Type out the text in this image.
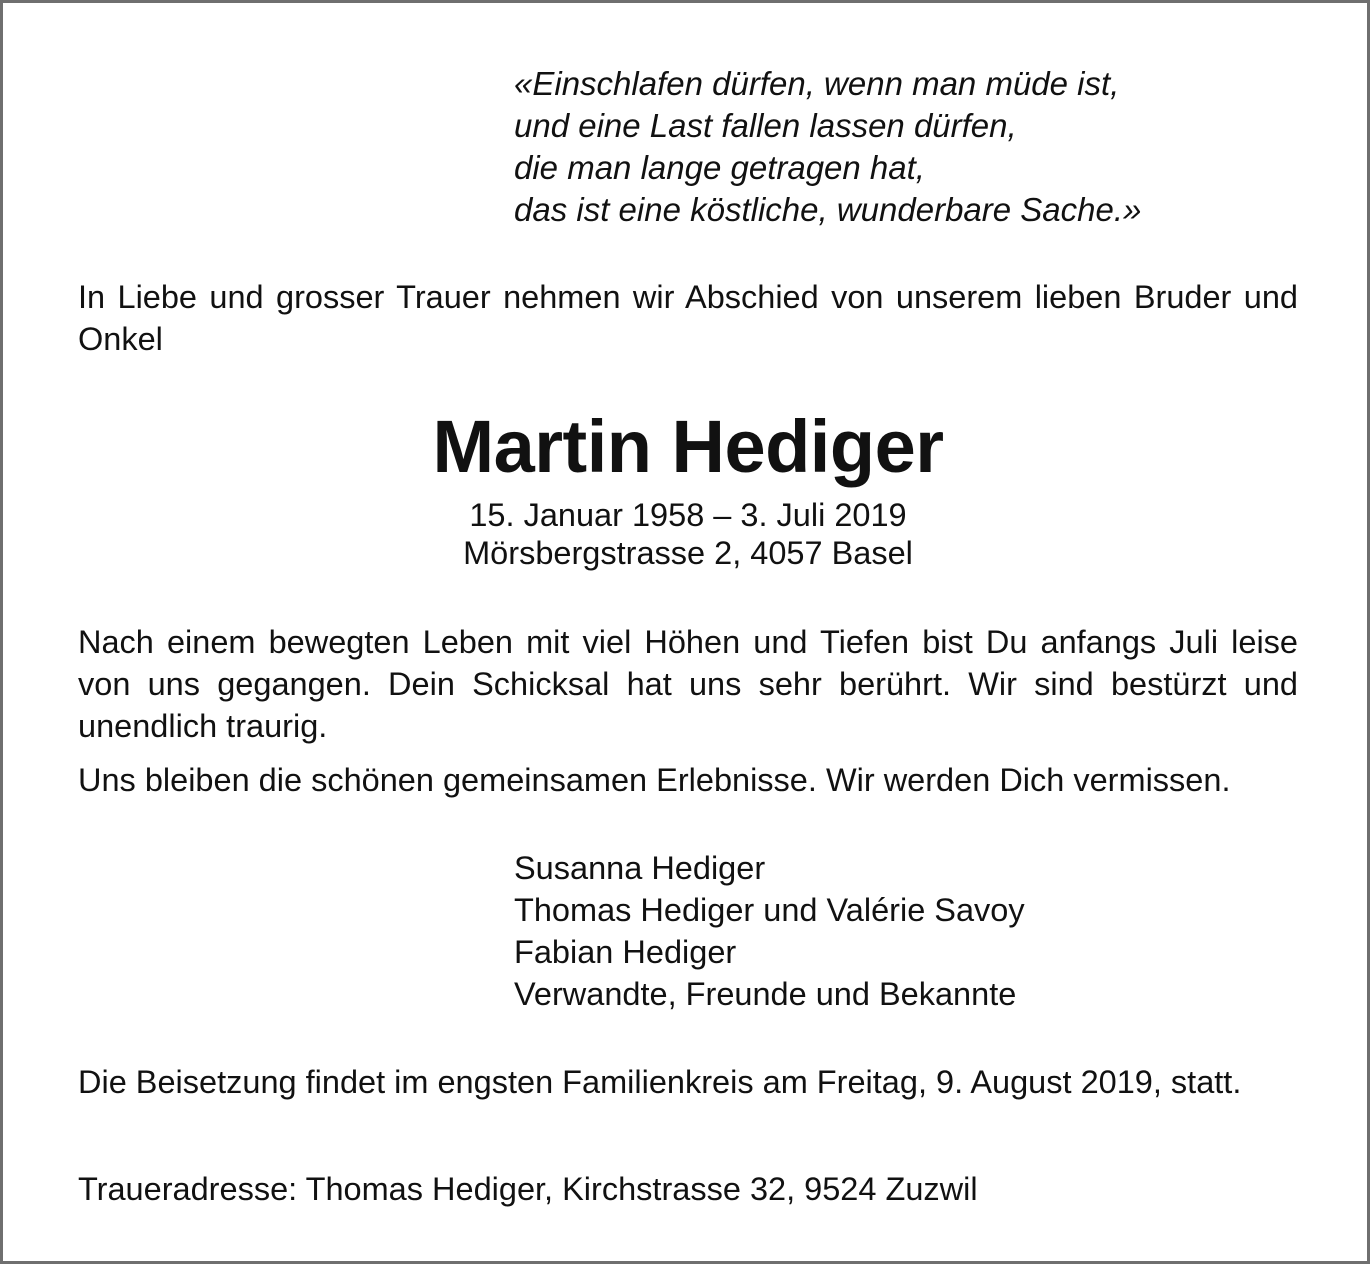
«Einschlafen dürfen, wenn man müde ist,
und eine Last fallen lassen dürfen,
die man lange getragen hat,
das ist eine köstliche, wunderbare Sache.»
In Liebe und grosser Trauer nehmen wir Abschied von unserem lieben Bruder und Onkel
Martin Hediger
15. Januar 1958 – 3. Juli 2019
Mörsbergstrasse 2, 4057 Basel
Nach einem bewegten Leben mit viel Höhen und Tiefen bist Du anfangs Juli leise von uns gegangen. Dein Schicksal hat uns sehr berührt. Wir sind bestürzt und unendlich traurig.
Uns bleiben die schönen gemeinsamen Erlebnisse. Wir werden Dich vermissen.
Susanna Hediger
Thomas Hediger und Valérie Savoy
Fabian Hediger
Verwandte, Freunde und Bekannte
Die Beisetzung findet im engsten Familienkreis am Freitag, 9. August 2019, statt.
Traueradresse: Thomas Hediger, Kirchstrasse 32, 9524 Zuzwil
